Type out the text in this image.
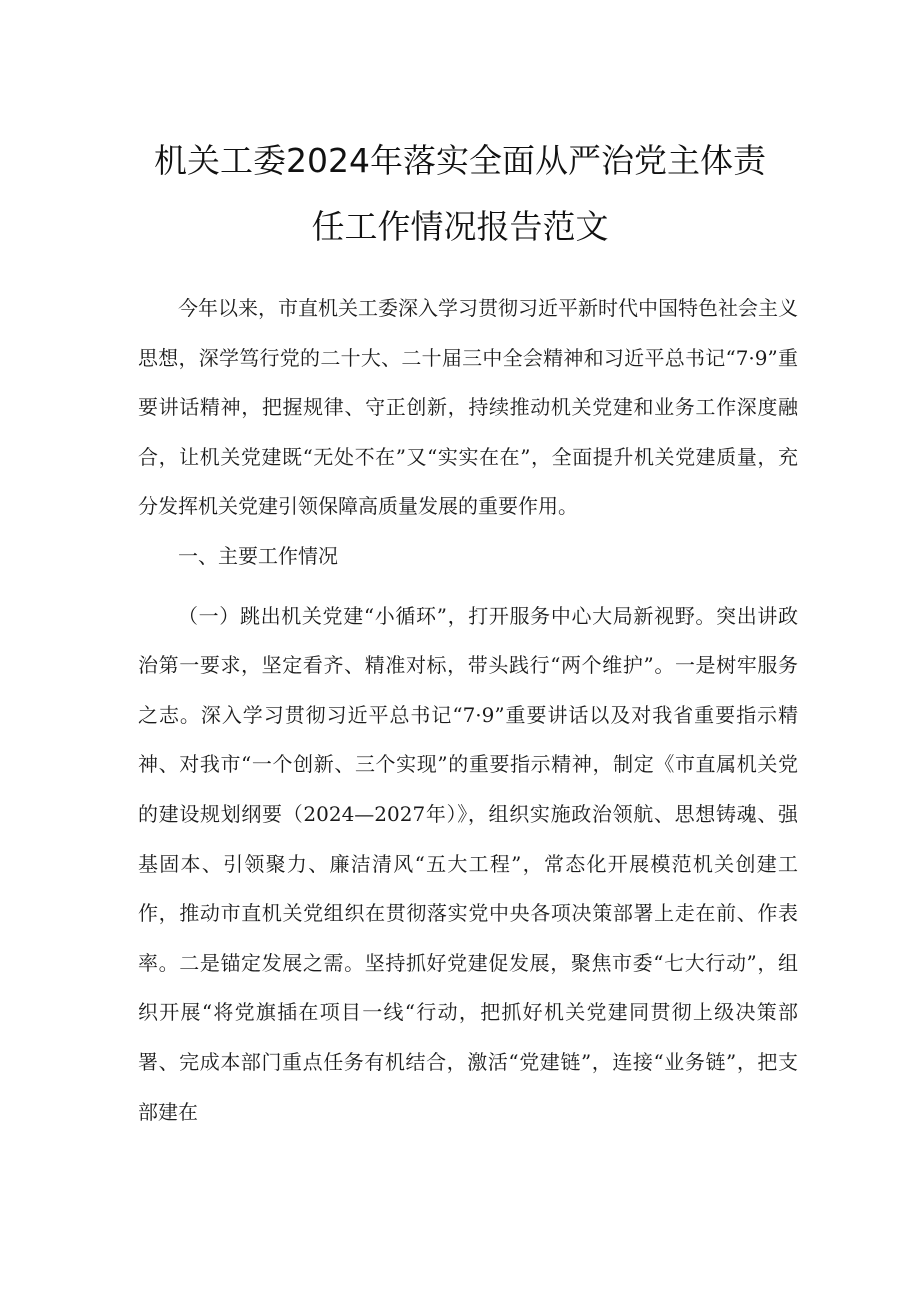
机关工委2024年落实全面从严治党主体责
任工作情况报告范文

今年以来，市直机关工委深入学习贯彻习近平新时代中国特色社会主义思想，深学笃行党的二十大、二十届三中全会精神和习近平总书记“7·9”重要讲话精神，把握规律、守正创新，持续推动机关党建和业务工作深度融合，让机关党建既“无处不在”又“实实在在”，全面提升机关党建质量，充分发挥机关党建引领保障高质量发展的重要作用。

一、主要工作情况

（一）跳出机关党建“小循环”，打开服务中心大局新视野。突出讲政治第一要求，坚定看齐、精准对标，带头践行“两个维护”。一是树牢服务之志。深入学习贯彻习近平总书记“7·9”重要讲话以及对我省重要指示精神、对我市“一个创新、三个实现”的重要指示精神，制定《市直属机关党的建设规划纲要（2024—2027年）》，组织实施政治领航、思想铸魂、强基固本、引领聚力、廉洁清风“五大工程”，常态化开展模范机关创建工作，推动市直机关党组织在贯彻落实党中央各项决策部署上走在前、作表率。二是锚定发展之需。坚持抓好党建促发展，聚焦市委“七大行动”，组织开展“将党旗插在项目一线“行动，把抓好机关党建同贯彻上级决策部署、完成本部门重点任务有机结合，激活“党建链”，连接“业务链”，把支部建在
